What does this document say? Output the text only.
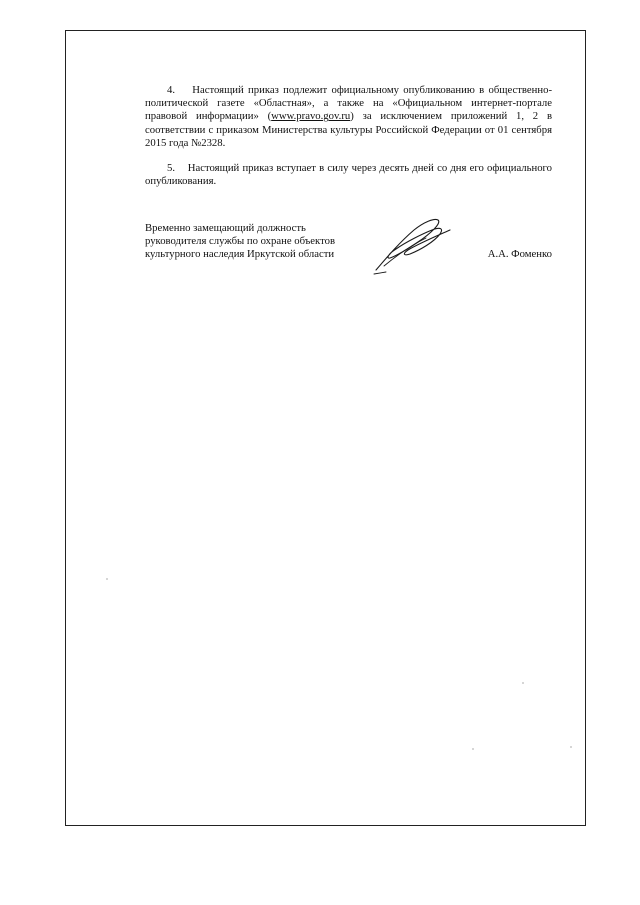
4. Настоящий приказ подлежит официальному опубликованию в общественно-политической газете «Областная», а также на «Официальном интернет-портале правовой информации» (www.pravo.gov.ru) за исключением приложений 1, 2 в соответствии с приказом Министерства культуры Российской Федерации от 01 сентября 2015 года №2328.

5. Настоящий приказ вступает в силу через десять дней со дня его официального опубликования.

Временно замещающий должность
руководителя службы по охране объектов
культурного наследия Иркутской области	А.А. Фоменко
